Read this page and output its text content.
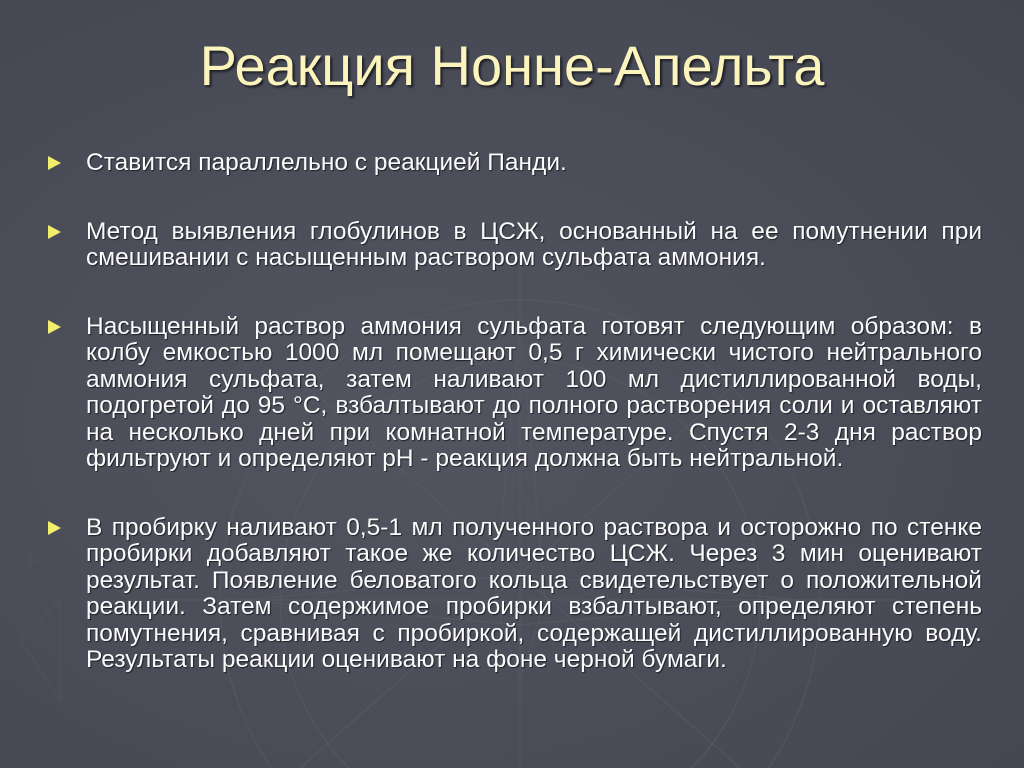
Реакция Нонне-Апельта
Ставится параллельно с реакцией Панди.
Метод выявления глобулинов в ЦСЖ, основанный на ее помутнении при смешивании с насыщенным раствором сульфата аммония.
Насыщенный раствор аммония сульфата готовят следующим образом: в колбу емкостью 1000 мл помещают 0,5 г химически чистого нейтрального аммония сульфата, затем наливают 100 мл дистиллированной воды, подогретой до 95 °С, взбалтывают до полного растворения соли и оставляют на несколько дней при комнатной температуре. Спустя 2-3 дня раствор фильтруют и определяют рН - реакция должна быть нейтральной.
В пробирку наливают 0,5-1 мл полученного раствора и осторожно по стенке пробирки добавляют такое же количество ЦСЖ. Через 3 мин оценивают результат. Появление беловатого кольца свидетельствует о положительной реакции. Затем содержимое пробирки взбалтывают, определяют степень помутнения, сравнивая с пробиркой, содержащей дистиллированную воду. Результаты реакции оценивают на фоне черной бумаги.
